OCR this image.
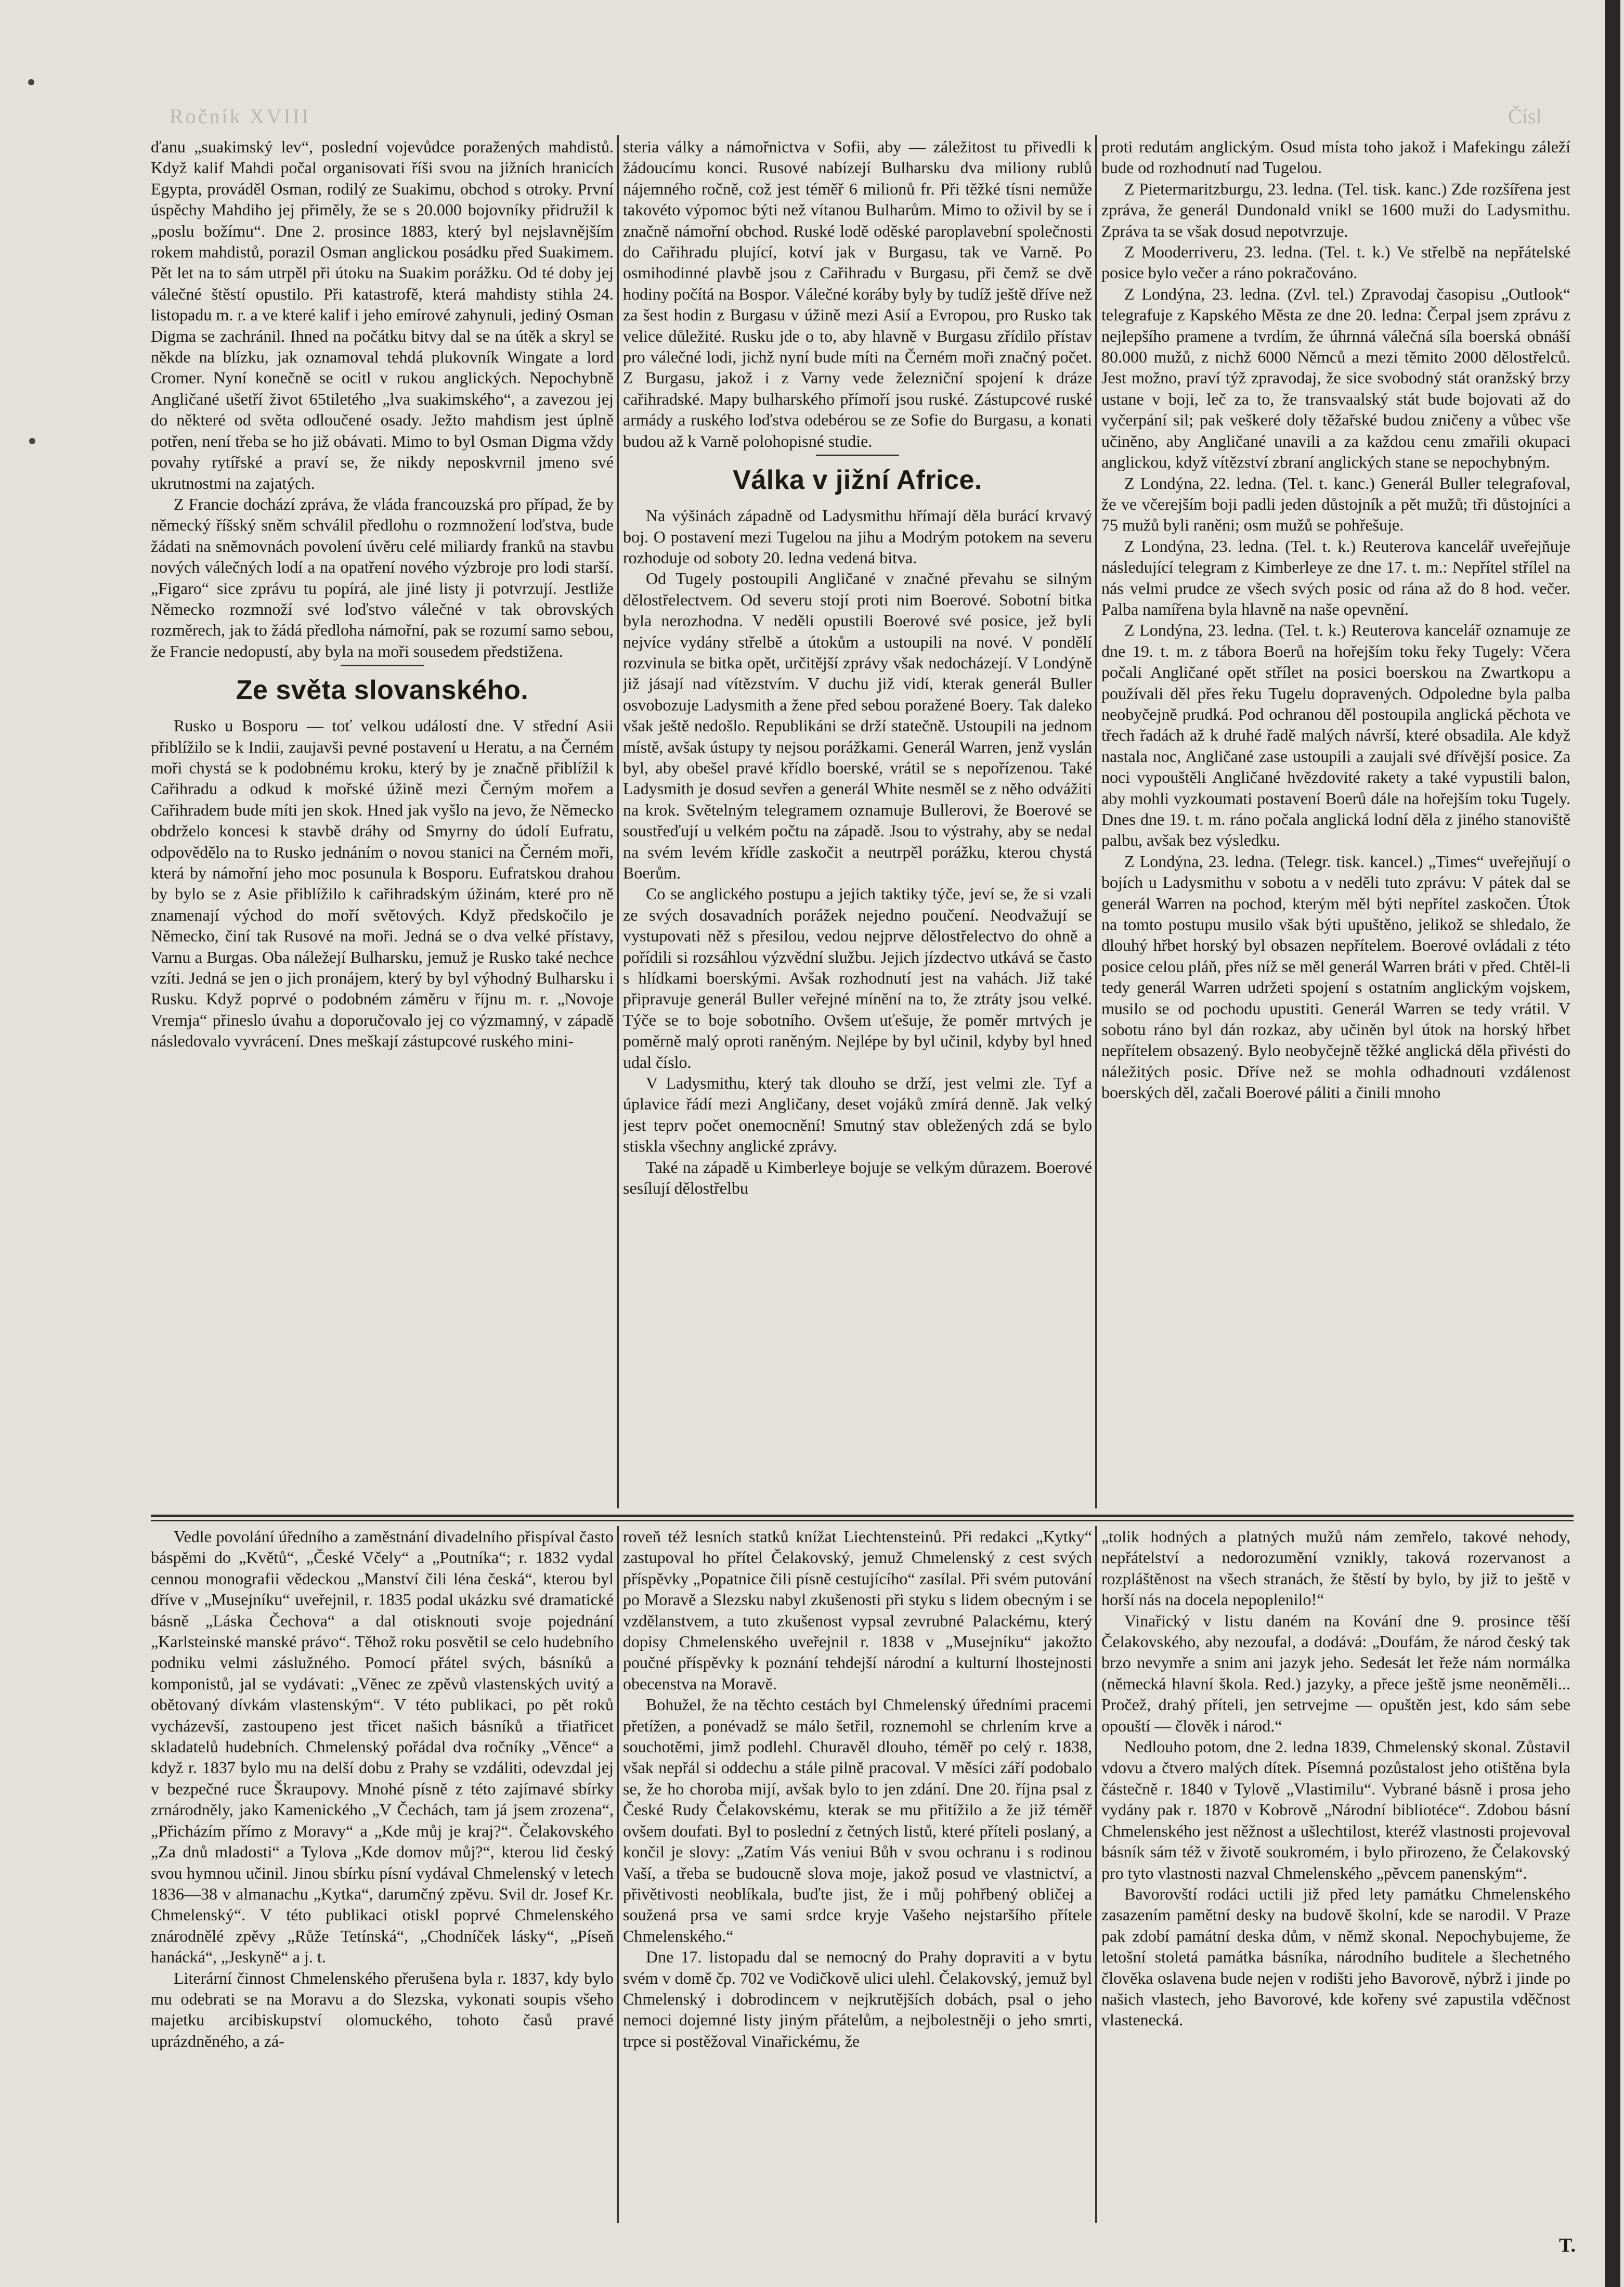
Ročník XVIII	Čísl

ďanu „suakimský lev“, poslední vojevůdce poražených mahdistů. Když kalif Mahdi počal organisovati říši svou na jižních hranicích Egypta, prováděl Osman, rodilý ze Suakimu, obchod s otroky. První úspěchy Mahdiho jej přiměly, že se s 20.000 bojovníky přidružil k „poslu božímu“. Dne 2. prosince 1883, který byl nejslavnějším rokem mahdistů, porazil Osman anglickou posádku před Suakimem. Pět let na to sám utrpěl při útoku na Suakim porážku. Od té doby jej válečné štěstí opustilo. Při katastrofě, která mahdisty stihla 24. listopadu m. r. a ve které kalif i jeho emírové zahynuli, jediný Osman Digma se zachránil. Ihned na počátku bitvy dal se na útěk a skryl se někde na blízku, jak oznamoval tehdá plukovník Wingate a lord Cromer. Nyní konečně se ocitl v rukou anglických. Nepochybně Angličané ušetří život 65tiletého „lva suakimského“, a zavezou jej do některé od světa odloučené osady. Ježto mahdism jest úplně potřen, není třeba se ho již obávati. Mimo to byl Osman Digma vždy povahy rytířské a praví se, že nikdy neposkvrnil jmeno své ukrutnostmi na zajatých.

Z Francie dochází zpráva, že vláda francouzská pro případ, že by německý říšský sněm schválil předlohu o rozmnožení loďstva, bude žádati na sněmovnách povolení úvěru celé miliardy franků na stavbu nových válečných lodí a na opatření nového výzbroje pro lodi starší. „Figaro“ sice zprávu tu popírá, ale jiné listy ji potvrzují. Jestliže Německo rozmnoží své loďstvo válečné v tak obrovských rozměrech, jak to žádá předloha námořní, pak se rozumí samo sebou, že Francie nedopustí, aby byla na moři sousedem předstižena.

Ze světa slovanského.

Rusko u Bosporu — toť velkou událostí dne. V střední Asii přiblížilo se k Indii, zaujavši pevné postavení u Heratu, a na Černém moři chystá se k podobnému kroku, který by je značně přiblížil k Cařihradu a odkud k mořské úžině mezi Černým mořem a Cařihradem bude míti jen skok. Hned jak vyšlo na jevo, že Německo obdrželo koncesi k stavbě dráhy od Smyrny do údolí Eufratu, odpovědělo na to Rusko jednáním o novou stanici na Černém moři, která by námořní jeho moc posunula k Bosporu. Eufratskou drahou by bylo se z Asie přiblížilo k cařihradským úžinám, které pro ně znamenají východ do moří světových. Když předskočilo je Německo, činí tak Rusové na moři. Jedná se o dva velké přístavy, Varnu a Burgas. Oba náležejí Bulharsku, jemuž je Rusko také nechce vzíti. Jedná se jen o jich pronájem, který by byl výhodný Bulharsku i Rusku. Když poprvé o podobném záměru v říjnu m. r. „Novoje Vremja“ přineslo úvahu a doporučovalo jej co výzmamný, v západě následovalo vyvrácení. Dnes meškají zástupcové ruského mini-

steria války a námořnictva v Sofii, aby — záležitost tu přivedli k žádoucímu konci. Rusové nabízejí Bulharsku dva miliony rublů nájemného ročně, což jest téměř 6 milionů fr. Při těžké tísni nemůže takovéto výpomoc býti než vítanou Bulharům. Mimo to oživil by se i značně námořní obchod. Ruské lodě oděské paroplavební společnosti do Cařihradu plující, kotví jak v Burgasu, tak ve Varně. Po osmihodinné plavbě jsou z Cařihradu v Burgasu, při čemž se dvě hodiny počítá na Bospor. Válečné koráby byly by tudíž ještě dříve než za šest hodin z Burgasu v úžině mezi Asií a Evropou, pro Rusko tak velice důležité. Rusku jde o to, aby hlavně v Burgasu zřídilo přístav pro válečné lodi, jichž nyní bude míti na Černém moři značný počet. Z Burgasu, jakož i z Varny vede železniční spojení k dráze cařihradské. Mapy bulharského přímoří jsou ruské. Zástupcové ruské armády a ruského loďstva odebérou se ze Sofie do Burgasu, a konati budou až k Varně polohopisné studie.

Válka v jižní Africe.

Na výšinách západně od Ladysmithu hřímají děla burácí krvavý boj. O postavení mezi Tugelou na jihu a Modrým potokem na severu rozhoduje od soboty 20. ledna vedená bitva.

Od Tugely postoupili Angličané v značné převahu se silným dělostřelectvem. Od severu stojí proti nim Boerové. Sobotní bitka byla nerozhodna. V neděli opustili Boerové své posice, jež byli nejvíce vydány střelbě a útokům a ustoupili na nové. V pondělí rozvinula se bitka opět, určitější zprávy však nedocházejí. V Londýně již jásají nad vítězstvím. V duchu již vidí, kterak generál Buller osvobozuje Ladysmith a žene před sebou poražené Boery. Tak daleko však ještě nedošlo. Republikáni se drží statečně. Ustoupili na jednom místě, avšak ústupy ty nejsou porážkami. Generál Warren, jenž vyslán byl, aby obešel pravé křídlo boerské, vrátil se s nepořízenou. Také Ladysmith je dosud sevřen a generál White nesměl se z něho odvážiti na krok. Světelným telegramem oznamuje Bullerovi, že Boerové se soustřeďují u velkém počtu na západě. Jsou to výstrahy, aby se nedal na svém levém křídle zaskočit a neutrpěl porážku, kterou chystá Boerům.

Co se anglického postupu a jejich taktiky týče, jeví se, že si vzali ze svých dosavadních porážek nejedno poučení. Neodvažují se vystupovati něž s přesilou, vedou nejprve dělostřelectvo do ohně a pořídili si rozsáhlou výzvědní službu. Jejich jízdectvo utkává se často s hlídkami boerskými. Avšak rozhodnutí jest na vahách. Již také připravuje generál Buller veřejné mínění na to, že ztráty jsou velké. Týče se to boje sobotního. Ovšem uťešuje, že poměr mrtvých je poměrně malý oproti raněným. Nejlépe by byl učinil, kdyby byl hned udal číslo.

V Ladysmithu, který tak dlouho se drží, jest velmi zle. Tyf a úplavice řádí mezi Angličany, deset vojáků zmírá denně. Jak velký jest teprv počet onemocnění! Smutný stav obležených zdá se bylo stiskla všechny anglické zprávy.

Také na západě u Kimberleye bojuje se velkým důrazem. Boerové sesílují dělostřelbu

proti redutám anglickým. Osud místa toho jakož i Mafekingu záleží bude od rozhodnutí nad Tugelou.

Z Pietermaritzburgu, 23. ledna. (Tel. tisk. kanc.) Zde rozšířena jest zpráva, že generál Dundonald vnikl se 1600 muži do Ladysmithu. Zpráva ta se však dosud nepotvrzuje.

Z Mooderriveru, 23. ledna. (Tel. t. k.) Ve střelbě na nepřátelské posice bylo večer a ráno pokračováno.

Z Londýna, 23. ledna. (Zvl. tel.) Zpravodaj časopisu „Outlook“ telegrafuje z Kapského Města ze dne 20. ledna: Čerpal jsem zprávu z nejlepšího pramene a tvrdím, že úhrnná válečná síla boerská obnáší 80.000 mužů, z nichž 6000 Němců a mezi těmito 2000 dělostřelců. Jest možno, praví týž zpravodaj, že sice svobodný stát oranžský brzy ustane v boji, leč za to, že transvaalský stát bude bojovati až do vyčerpání sil; pak veškeré doly těžařské budou zničeny a vůbec vše učiněno, aby Angličané unavili a za každou cenu zmařili okupaci anglickou, když vítězství zbraní anglických stane se nepochybným.

Z Londýna, 22. ledna. (Tel. t. kanc.) Generál Buller telegrafoval, že ve včerejším boji padli jeden důstojník a pět mužů; tři důstojníci a 75 mužů byli raněni; osm mužů se pohřešuje.

Z Londýna, 23. ledna. (Tel. t. k.) Reuterova kancelář uveřejňuje následující telegram z Kimberleye ze dne 17. t. m.: Nepřítel střílel na nás velmi prudce ze všech svých posic od rána až do 8 hod. večer. Palba namířena byla hlavně na naše opevnění.

Z Londýna, 23. ledna. (Tel. t. k.) Reuterova kancelář oznamuje ze dne 19. t. m. z tábora Boerů na hořejším toku řeky Tugely: Včera počali Angličané opět střílet na posici boerskou na Zwartkopu a používali děl přes řeku Tugelu dopravených. Odpoledne byla palba neobyčejně prudká. Pod ochranou děl postoupila anglická pěchota ve třech řadách až k druhé řadě malých návrší, které obsadila. Ale když nastala noc, Angličané zase ustoupili a zaujali své dřívější posice. Za noci vypouštěli Angličané hvězdovité rakety a také vypustili balon, aby mohli vyzkoumati postavení Boerů dále na hořejším toku Tugely. Dnes dne 19. t. m. ráno počala anglická lodní děla z jiného stanoviště palbu, avšak bez výsledku.

Z Londýna, 23. ledna. (Telegr. tisk. kancel.) „Times“ uveřejňují o bojích u Ladysmithu v sobotu a v neděli tuto zprávu: V pátek dal se generál Warren na pochod, kterým měl býti nepřítel zaskočen. Útok na tomto postupu musilo však býti upuštěno, jelikož se shledalo, že dlouhý hřbet horský byl obsazen nepřítelem. Boerové ovládali z této posice celou pláň, přes níž se měl generál Warren bráti v před. Chtěl-li tedy generál Warren udržeti spojení s ostatním anglickým vojskem, musilo se od pochodu upustiti. Generál Warren se tedy vrátil. V sobotu ráno byl dán rozkaz, aby učiněn byl útok na horský hřbet nepřítelem obsazený. Bylo neobyčejně těžké anglická děla přivésti do náležitých posic. Dříve než se mohla odhadnouti vzdálenost boerských děl, začali Boerové páliti a činili mnoho

Vedle povolání úředního a zaměstnání divadelního přispíval často báspěmi do „Květů“, „České Včely“ a „Poutníka“; r. 1832 vydal cennou monografii vědeckou „Manství čili léna česká“, kterou byl dříve v „Musejníku“ uveřejnil, r. 1835 podal ukázku své dramatické básně „Láska Čechova“ a dal otisknouti svoje pojednání „Karlsteinské manské právo“. Těhož roku posvětil se celo hudebního podniku velmi záslužného. Pomocí přátel svých, básníků a komponistů, jal se vydávati: „Věnec ze zpěvů vlastenských uvitý a obětovaný dívkám vlastenským“. V této publikaci, po pět roků vycházevší, zastoupeno jest třicet našich básníků a třiatřicet skladatelů hudebních. Chmelenský pořádal dva ročníky „Věnce“ a když r. 1837 bylo mu na delší dobu z Prahy se vzdáliti, odevzdal jej v bezpečné ruce Škraupovy. Mnohé písně z této zajímavé sbírky zrnárodněly, jako Kamenického „V Čechách, tam já jsem zrozena“, „Přicházím přímo z Moravy“ a „Kde můj je kraj?“. Čelakovského „Za dnů mladosti“ a Tylova „Kde domov můj?“, kterou lid český svou hymnou učinil. Jinou sbírku písní vydával Chmelenský v letech 1836—38 v almanachu „Kytka“, darumčný zpěvu. Svil dr. Josef Kr. Chmelenský“. V této publikaci otiskl poprvé Chmelenského znárodnělé zpěvy „Růže Tetínská“, „Chodníček lásky“, „Píseň hanácká“, „Jeskyně“ a j. t.

Literární činnost Chmelenského přerušena byla r. 1837, kdy bylo mu odebrati se na Moravu a do Slezska, vykonati soupis všeho majetku arcibiskupství olomuckého, tohoto časů pravé uprázdněného, a zá-

roveň též lesních statků knížat Liechtensteinů. Při redakci „Kytky“ zastupoval ho přítel Čelakovský, jemuž Chmelenský z cest svých příspěvky „Popatnice čili písně cestujícího“ zasílal. Při svém putování po Moravě a Slezsku nabyl zkušenosti při styku s lidem obecným i se vzdělanstvem, a tuto zkušenost vypsal zevrubné Palackému, který dopisy Chmelenského uveřejnil r. 1838 v „Musejníku“ jakožto poučné příspěvky k poznání tehdejší národní a kulturní lhostejnosti obecenstva na Moravě.

Bohužel, že na těchto cestách byl Chmelenský úředními pracemi přetížen, a ponévadž se málo šetřil, roznemohl se chrlením krve a souchotěmi, jimž podlehl. Churavěl dlouho, téměř po celý r. 1838, však nepřál si oddechu a stále pilně pracoval. V měsíci září podobalo se, že ho choroba mijí, avšak bylo to jen zdání. Dne 20. října psal z České Rudy Čelakovskému, kterak se mu přitížilo a že již téměř ovšem doufati. Byl to poslední z četných listů, které příteli poslaný, a končil je slovy: „Zatím Vás veniui Bůh v svou ochranu i s rodinou Vaší, a třeba se budoucně slova moje, jakož posud ve vlastnictví, a přivětivosti neoblíkala, buďte jist, že i můj pohřbený obličej a soužená prsa ve sami srdce kryje Vašeho nejstaršího přítele Chmelenského.“

Dne 17. listopadu dal se nemocný do Prahy dopraviti a v bytu svém v domě čp. 702 ve Vodičkově ulici ulehl. Čelakovský, jemuž byl Chmelenský i dobrodincem v nejkrutějších dobách, psal o jeho nemoci dojemné listy jiným přátelům, a nejbolestněji o jeho smrti, trpce si postěžoval Vinařickému, že

„tolik hodných a platných mužů nám zemřelo, takové nehody, nepřátelství a nedorozumění vznikly, taková rozervanost a rozpláštěnost na všech stranách, že štěstí by bylo, by již to ještě v horší nás na docela nepoplenilo!“

Vinařický v listu daném na Kování dne 9. prosince těší Čelakovského, aby nezoufal, a dodává: „Doufám, že národ český tak brzo nevymře a snim ani jazyk jeho. Sedesát let řeže nám normálka (německá hlavní škola. Red.) jazyky, a přece ještě jsme neoněměli... Pročež, drahý příteli, jen setrvejme — opuštěn jest, kdo sám sebe opouští — člověk i národ.“

Nedlouho potom, dne 2. ledna 1839, Chmelenský skonal. Zůstavil vdovu a čtvero malých dítek. Písemná pozůstalost jeho otištěna byla částečně r. 1840 v Tylově „Vlastimilu“. Vybrané básně i prosa jeho vydány pak r. 1870 v Kobrově „Národní bibliotéce“. Zdobou básní Chmelenského jest něžnost a ušlechtilost, kteréž vlastnosti projevoval básník sám též v životě soukromém, i bylo přirozeno, že Čelakovský pro tyto vlastnosti nazval Chmelenského „pěvcem panenským“.

Bavorovští rodáci uctili již před lety památku Chmelenského zasazením pamětní desky na budově školní, kde se narodil. V Praze pak zdobí památní deska dům, v němž skonal. Nepochybujeme, že letošní stoletá památka básníka, národního buditele a šlechetného člověka oslavena bude nejen v rodišti jeho Bavorově, nýbrž i jinde po našich vlastech, jeho Bavorové, kde kořeny své zapustila vděčnost vlastenecká.

T.
